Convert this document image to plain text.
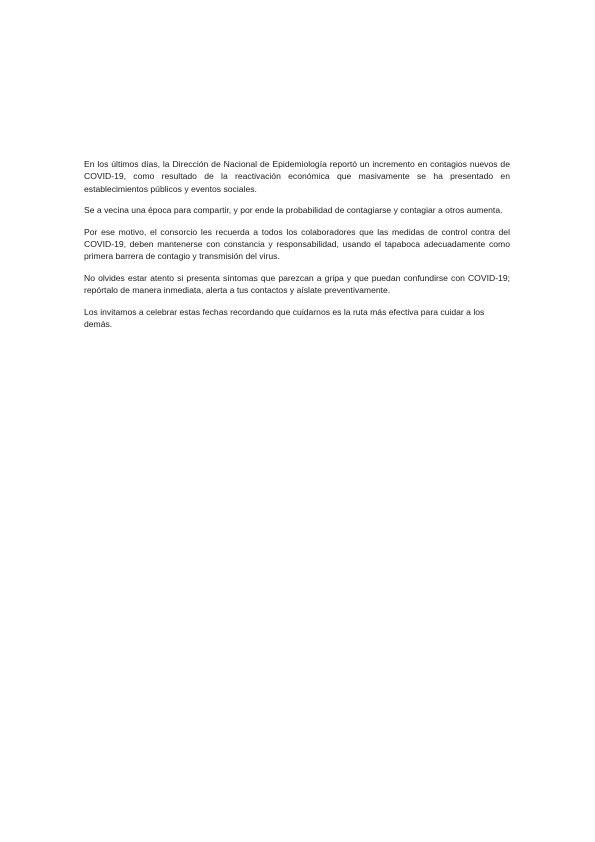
En los últimos días, la Dirección de Nacional de Epidemiología reportó un incremento en contagios nuevos de COVID-19, como resultado de la reactivación económica que masivamente se ha presentado en establecimientos públicos y eventos sociales.

Se a vecina una época para compartir, y por ende la probabilidad de contagiarse y contagiar a otros aumenta.

Por ese motivo, el consorcio les recuerda a todos los colaboradores que las medidas de control contra del COVID-19, deben mantenerse con constancia y responsabilidad, usando el tapaboca adecuadamente como primera barrera de contagio y transmisión del virus.

No olvides estar atento si presenta síntomas que parezcan a gripa y que puedan confundirse con COVID-19; repórtalo de manera inmediata, alerta a tus contactos y aíslate preventivamente.

Los invitamos a celebrar estas fechas recordando que cuidarnos es la ruta más efectiva para cuidar a los demás.
